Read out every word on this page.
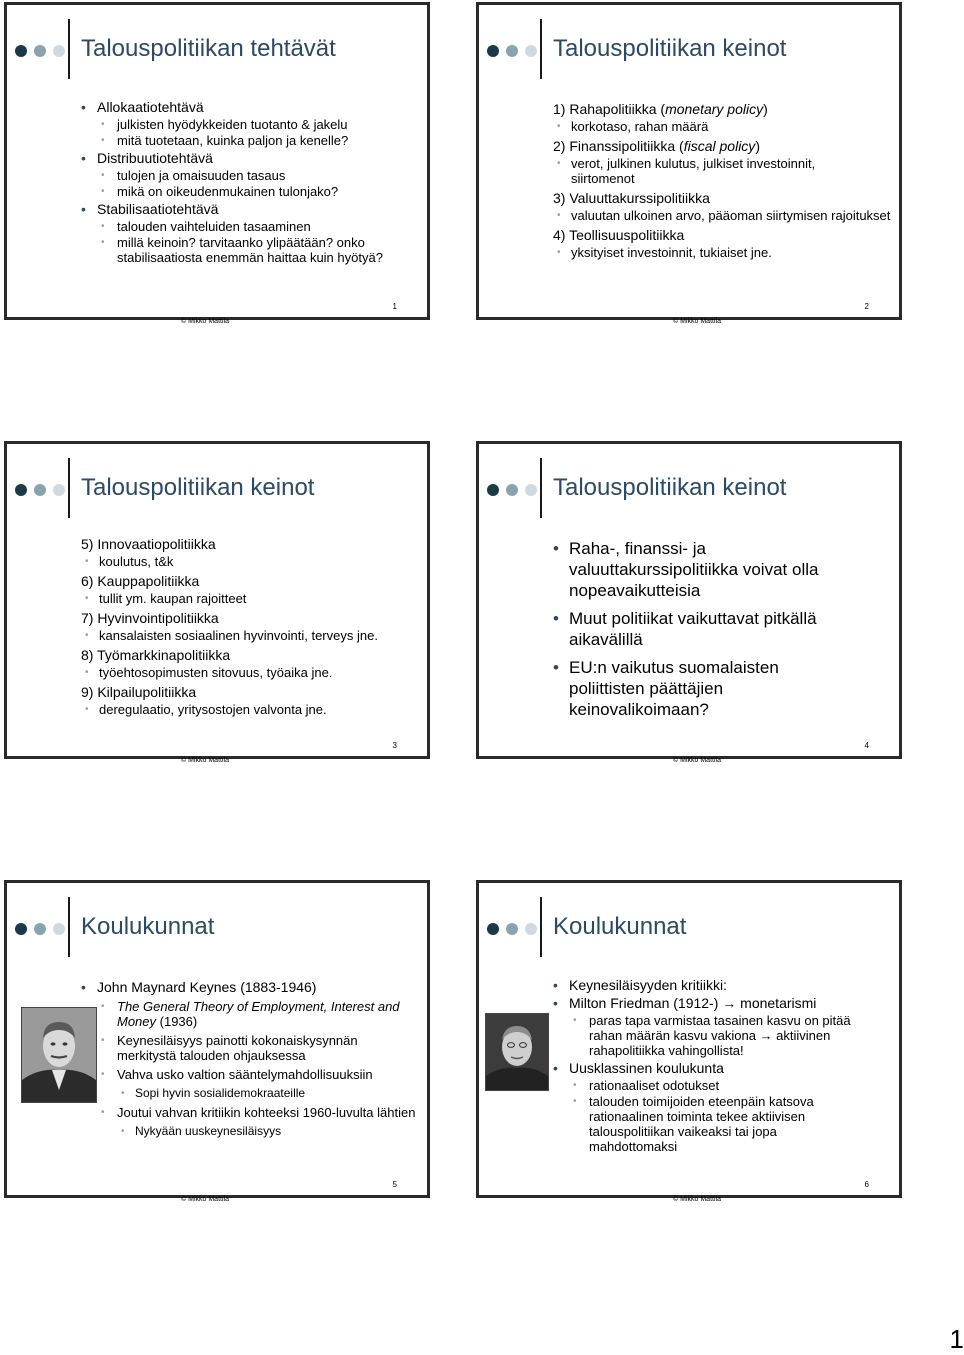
Talouspolitiikan tehtävät
• Allokaatiotehtävä
• julkisten hyödykkeiden tuotanto & jakelu
• mitä tuotetaan, kuinka paljon ja kenelle?
• Distribuutiotehtävä
• tulojen ja omaisuuden tasaus
• mikä on oikeudenmukainen tulonjako?
• Stabilisaatiotehtävä
• talouden vaihteluiden tasaaminen
• millä keinoin? tarvitaanko ylipäätään? onko stabilisaatiosta enemmän haittaa kuin hyötyä?
1
© Mikko Mattila
Talouspolitiikan keinot
1) Rahapolitiikka (monetary policy)
• korkotaso, rahan määrä
2) Finanssipolitiikka (fiscal policy)
• verot, julkinen kulutus, julkiset investoinnit, siirtomenot
3) Valuuttakurssipolitiikka
• valuutan ulkoinen arvo, pääoman siirtymisen rajoitukset
4) Teollisuuspolitiikka
• yksityiset investoinnit, tukiaiset jne.
2
© Mikko Mattila
Talouspolitiikan keinot
5) Innovaatiopolitiikka
• koulutus, t&k
6) Kauppapolitiikka
• tullit ym. kaupan rajoitteet
7) Hyvinvointipolitiikka
• kansalaisten sosiaalinen hyvinvointi, terveys jne.
8) Työmarkkinapolitiikka
• työehtosopimusten sitovuus, työaika jne.
9) Kilpailupolitiikka
• deregulaatio, yritysostojen valvonta jne.
3
© Mikko Mattila
Talouspolitiikan keinot
• Raha-, finanssi- ja valuuttakurssipolitiikka voivat olla nopeavaikutteisia
• Muut politiikat vaikuttavat pitkällä aikavälillä
• EU:n vaikutus suomalaisten poliittisten päättäjien keinovalikoimaan?
4
© Mikko Mattila
Koulukunnat
• John Maynard Keynes (1883-1946)
• The General Theory of Employment, Interest and Money (1936)
• Keynesiläisyys painotti kokonaiskysynnän merkitystä talouden ohjauksessa
• Vahva usko valtion sääntelymahdollisuuksiin
• Sopi hyvin sosialidemokraateille
• Joutui vahvan kritiikin kohteeksi 1960-luvulta lähtien
• Nykyään uuskeynesiläisyys
5
© Mikko Mattila
Koulukunnat
• Keynesiläisyyden kritiikki:
• Milton Friedman (1912-) → monetarismi
• paras tapa varmistaa tasainen kasvu on pitää rahan määrän kasvu vakiona → aktiivinen rahapolitiikka vahingollista!
• Uusklassinen koulukunta
• rationaaliset odotukset
• talouden toimijoiden eteenpäin katsova rationaalinen toiminta tekee aktiivisen talouspolitiikan vaikeaksi tai jopa mahdottomaksi
6
© Mikko Mattila
1
